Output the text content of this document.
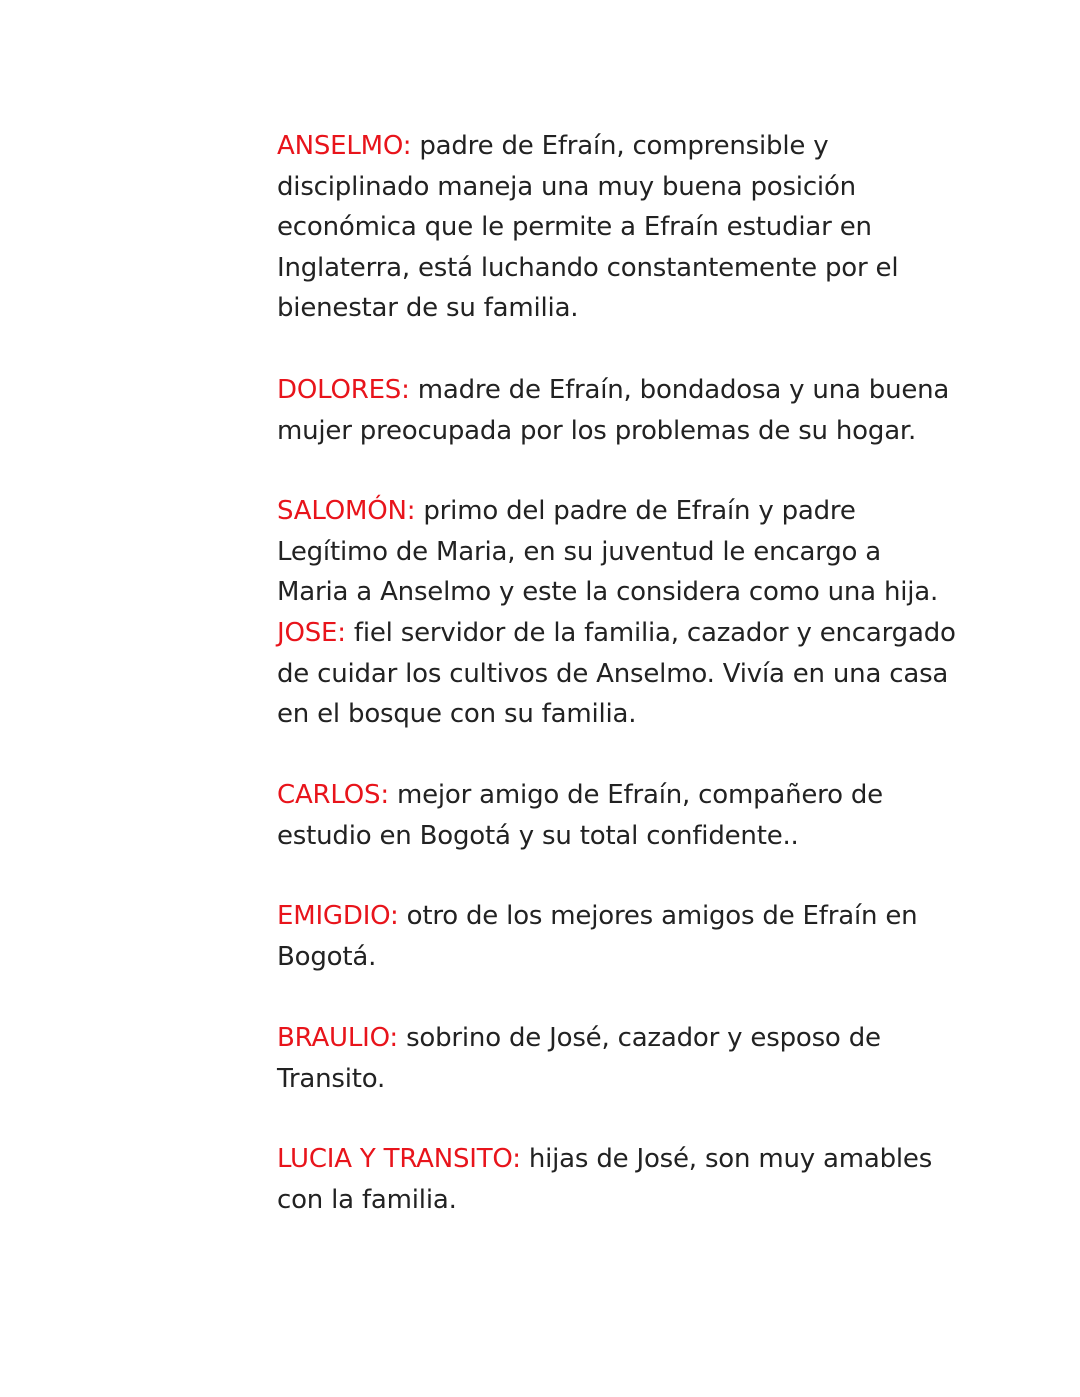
ANSELMO: padre de Efraín, comprensible y
disciplinado maneja una muy buena posición
económica que le permite a Efraín estudiar en
Inglaterra, está luchando constantemente por el
bienestar de su familia.

DOLORES: madre de Efraín, bondadosa y una buena
mujer preocupada por los problemas de su hogar.

SALOMÓN: primo del padre de Efraín y padre
Legítimo de Maria, en su juventud le encargo a
Maria a Anselmo y este la considera como una hija.

JOSE: fiel servidor de la familia, cazador y encargado
de cuidar los cultivos de Anselmo. Vivía en una casa
en el bosque con su familia.

CARLOS: mejor amigo de Efraín, compañero de
estudio en Bogotá y su total confidente..

EMIGDIO: otro de los mejores amigos de Efraín en
Bogotá.

BRAULIO: sobrino de José, cazador y esposo de
Transito.

LUCIA Y TRANSITO: hijas de José, son muy amables
con la familia.
